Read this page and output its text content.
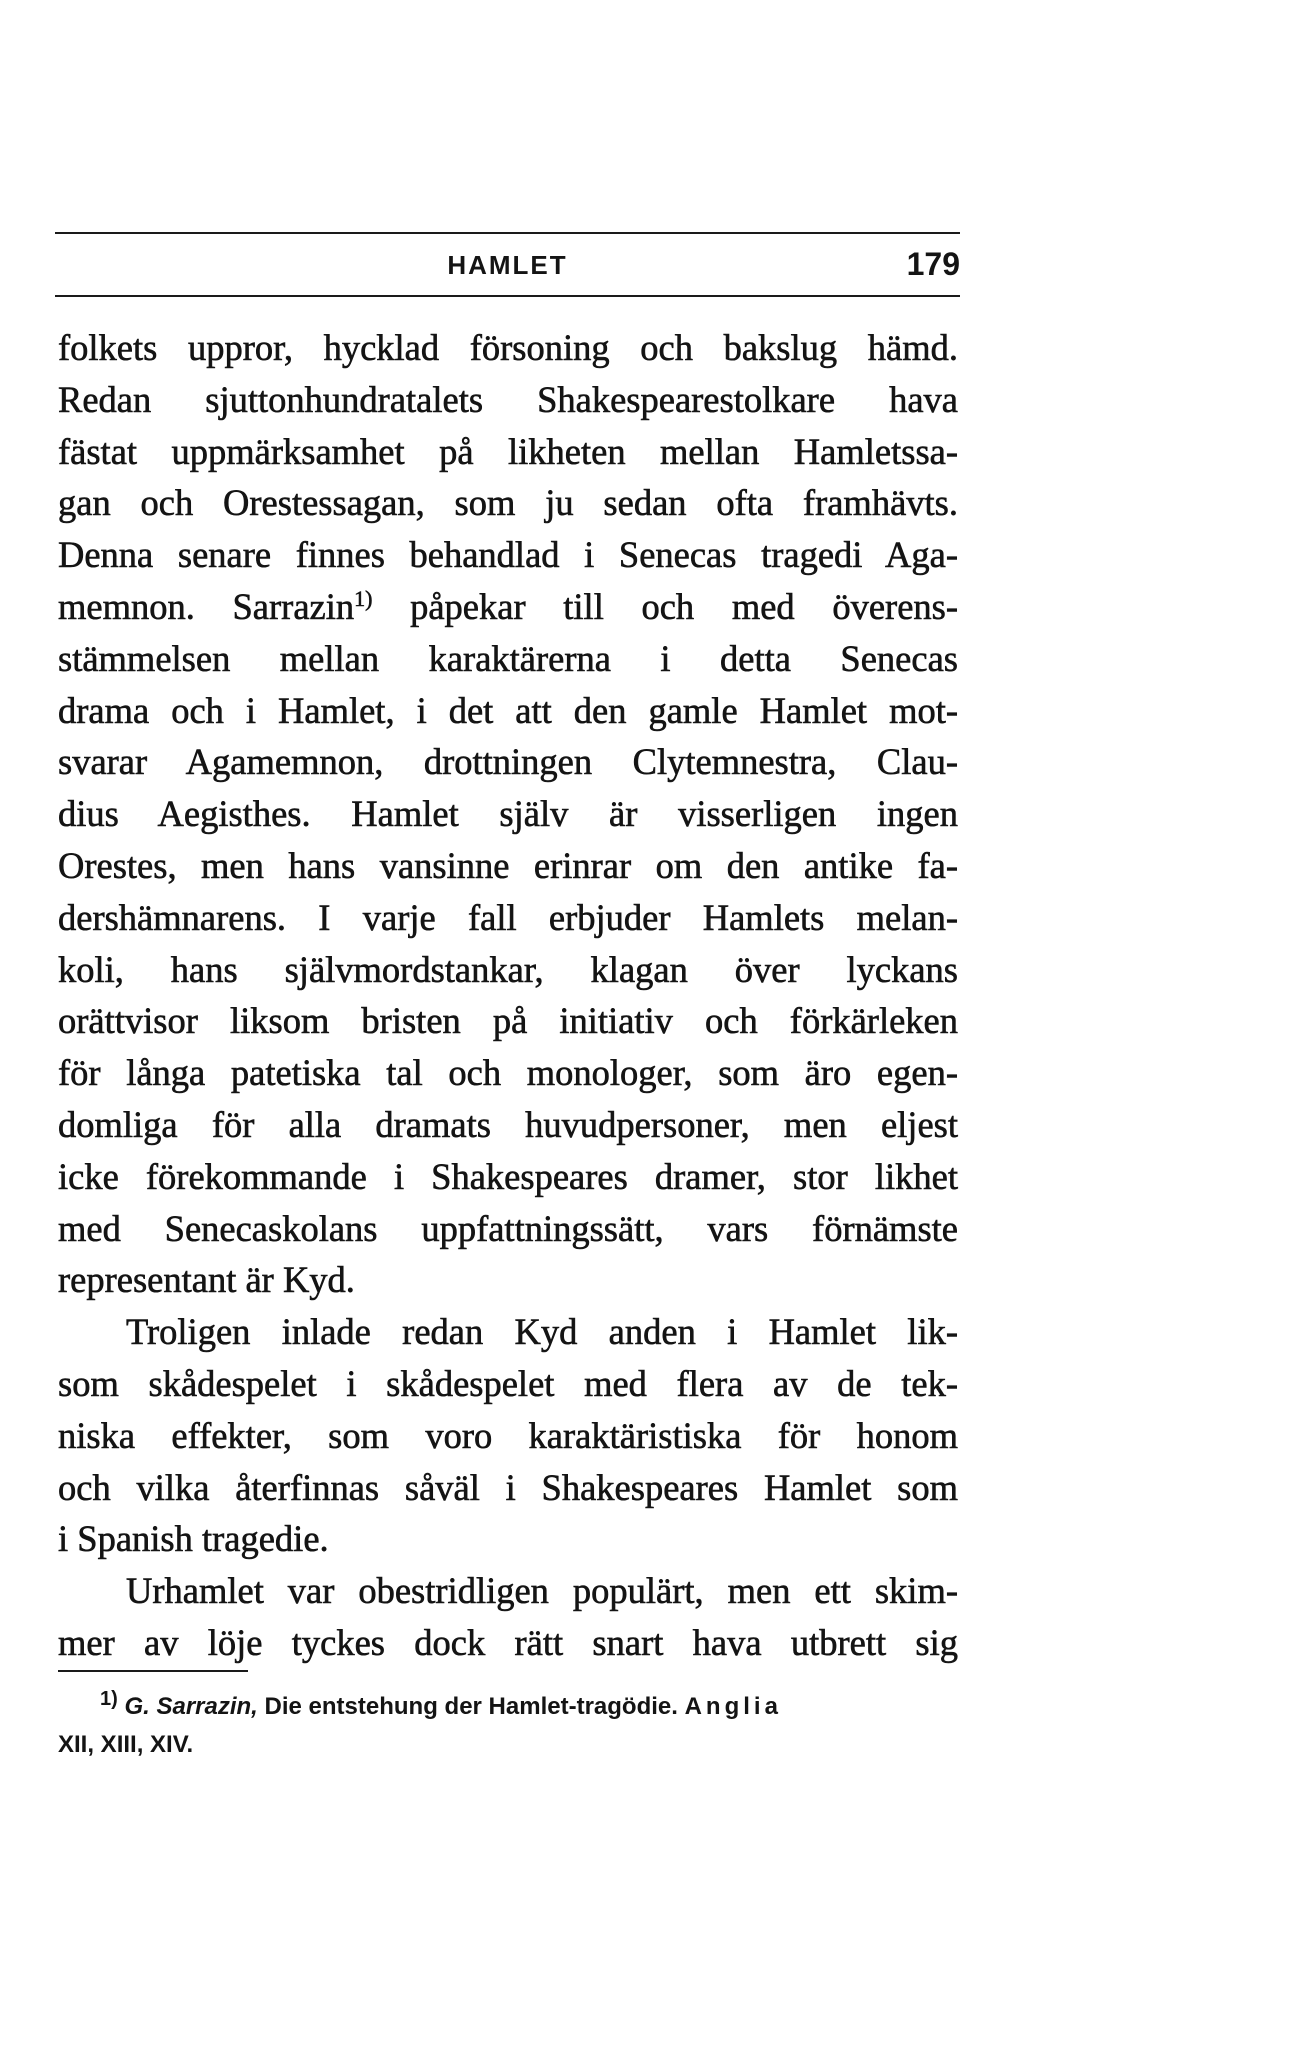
HAMLET	179
folkets uppror, hycklad försoning och bakslug hämd.
Redan sjuttonhundratalets Shakespearestolkare hava
fästat uppmärksamhet på likheten mellan Hamletssa-
gan och Orestessagan, som ju sedan ofta framhävts.
Denna senare finnes behandlad i Senecas tragedi Aga-
memnon. Sarrazin$^{1)}$ påpekar till och med överens-
stämmelsen mellan karaktärerna i detta Senecas
drama och i Hamlet, i det att den gamle Hamlet mot-
svarar Agamemnon, drottningen Clytemnestra, Clau-
dius Aegisthes. Hamlet själv är visserligen ingen
Orestes, men hans vansinne erinrar om den antike fa-
dershämnarens. I varje fall erbjuder Hamlets melan-
koli, hans självmordstankar, klagan över lyckans
orättvisor liksom bristen på initiativ och förkärleken
för långa patetiska tal och monologer, som äro egen-
domliga för alla dramats huvudpersoner, men eljest
icke förekommande i Shakespeares dramer, stor likhet
med Senecaskolans uppfattningssätt, vars förnämste
representant är Kyd.
Troligen inlade redan Kyd anden i Hamlet lik-
som skådespelet i skådespelet med flera av de tek-
niska effekter, som voro karaktäristiska för honom
och vilka återfinnas såväl i Shakespeares Hamlet som
i Spanish tragedie.
Urhamlet var obestridligen populärt, men ett skim-
mer av löje tyckes dock rätt snart hava utbrett sig
$^{1)}$ G. Sarrazin, Die entstehung der Hamlet-tragödie. Anglia
XII, XIII, XIV.
